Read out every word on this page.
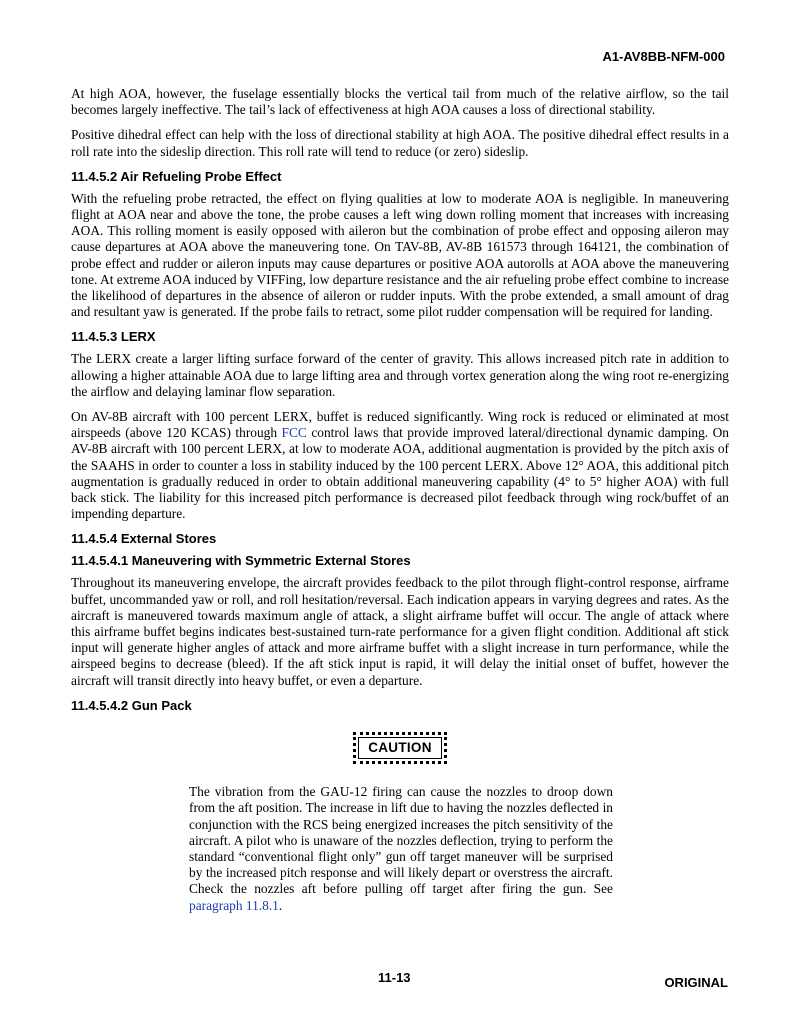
A1-AV8BB-NFM-000

At high AOA, however, the fuselage essentially blocks the vertical tail from much of the relative airflow, so the tail becomes largely ineffective. The tail’s lack of effectiveness at high AOA causes a loss of directional stability.

Positive dihedral effect can help with the loss of directional stability at high AOA. The positive dihedral effect results in a roll rate into the sideslip direction. This roll rate will tend to reduce (or zero) sideslip.

11.4.5.2 Air Refueling Probe Effect

With the refueling probe retracted, the effect on flying qualities at low to moderate AOA is negligible. In maneuvering flight at AOA near and above the tone, the probe causes a left wing down rolling moment that increases with increasing AOA. This rolling moment is easily opposed with aileron but the combination of probe effect and opposing aileron may cause departures at AOA above the maneuvering tone. On TAV-8B, AV-8B 161573 through 164121, the combination of probe effect and rudder or aileron inputs may cause departures or positive AOA autorolls at AOA above the maneuvering tone. At extreme AOA induced by VIFFing, low departure resistance and the air refueling probe effect combine to increase the likelihood of departures in the absence of aileron or rudder inputs. With the probe extended, a small amount of drag and resultant yaw is generated. If the probe fails to retract, some pilot rudder compensation will be required for landing.

11.4.5.3 LERX

The LERX create a larger lifting surface forward of the center of gravity. This allows increased pitch rate in addition to allowing a higher attainable AOA due to large lifting area and through vortex generation along the wing root re-energizing the airflow and delaying laminar flow separation.

On AV-8B aircraft with 100 percent LERX, buffet is reduced significantly. Wing rock is reduced or eliminated at most airspeeds (above 120 KCAS) through FCC control laws that provide improved lateral/directional dynamic damping. On AV-8B aircraft with 100 percent LERX, at low to moderate AOA, additional augmentation is provided by the pitch axis of the SAAHS in order to counter a loss in stability induced by the 100 percent LERX. Above 12° AOA, this additional pitch augmentation is gradually reduced in order to obtain additional maneuvering capability (4° to 5° higher AOA) with full back stick. The liability for this increased pitch performance is decreased pilot feedback through wing rock/buffet of an impending departure.

11.4.5.4 External Stores
11.4.5.4.1 Maneuvering with Symmetric External Stores

Throughout its maneuvering envelope, the aircraft provides feedback to the pilot through flight-control response, airframe buffet, uncommanded yaw or roll, and roll hesitation/reversal. Each indication appears in varying degrees and rates. As the aircraft is maneuvered towards maximum angle of attack, a slight airframe buffet will occur. The angle of attack where this airframe buffet begins indicates best-sustained turn-rate performance for a given flight condition. Additional aft stick input will generate higher angles of attack and more airframe buffet with a slight increase in turn performance, while the airspeed begins to decrease (bleed). If the aft stick input is rapid, it will delay the initial onset of buffet, however the aircraft will transit directly into heavy buffet, or even a departure.

11.4.5.4.2 Gun Pack
CAUTION

The vibration from the GAU-12 firing can cause the nozzles to droop down from the aft position. The increase in lift due to having the nozzles deflected in conjunction with the RCS being energized increases the pitch sensitivity of the aircraft. A pilot who is unaware of the nozzles deflection, trying to perform the standard “conventional flight only” gun off target maneuver will be surprised by the increased pitch response and will likely depart or overstress the aircraft. Check the nozzles aft before pulling off target after firing the gun. See paragraph 11.8.1.

11-13	ORIGINAL
